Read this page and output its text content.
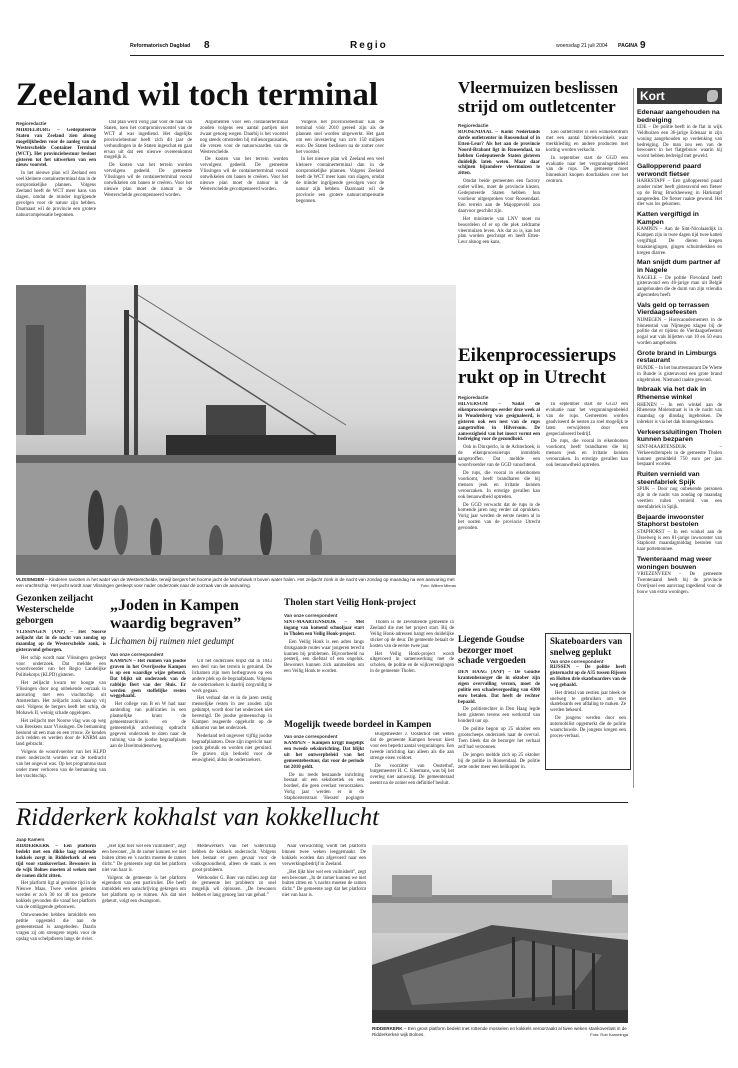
Reformatorisch Dagblad 8	Regio	woensdag 21 juli 2004 PAGINA 9
Kort
Edenaar aangehouden na bedreiging
EDE – De politie heeft in de flat in wijk Veldhuizen een 36-jarige Edenaar in zijn woning aangehouden op verdenking van bedreiging. De man zou een van de bewoners in het flatgebouw waarin hij woont hebben bedreigd met geweld.
Gallopperend paard verwondt fietser
HARKSTAPF – Een gallopperend paard zonder ruiter heeft gisteravond een fietser op de Brug Bruckheeweg in Harkstapf aangereden. De fietser raakte gewond. Het dier was los gekomen.
Katten vergiftigd in Kampen
KAMPEN – Aan de Sint-Nicolaasdijk in Kampen zijn in twee dagen tijd twee katten vergiftigd. De dieren kregen braakneigingen, gingen schuimbekken en kregen diarree.
Man snijdt dum partner af in Nagele
NAGELE – De politie Flevoland heeft gisteravond een 46-jarige man uit België aangehouden die de duim van zijn vriendin afgesneden heeft.
Vals geld op terrassen Vierdaagsefeesten
NIJMEGEN – Horecaondernemers in de binnenstad van Nijmegen klagen bij de politie dat er tijdens de Vierdaagsefeesten nogal wat vals biljetten van 10 en 50 euro worden aangeboden.
Grote brand in Limburgs restaurant
BUNDE – In het buurtrestaurant De Wiette in Bunde is gisteravond een grote brand uitgebroken. Niemand raakte gewond.
Inbraak via het dak in Rhenense winkel
RHENEN – In een winkel aan de Rhenense Molenstraat is in de nacht van maandag op dinsdag ingebroken. De inbreker is via het dak binnengekomen.
Verkeerssluitingen Tholen kunnen bezparen
SINT-MAARTENSDIJK – Verkeersdrempels in de gemeente Tholen kunnen gemiddeld 750 euro per jaar bespaard worden.
Ruiten vernield van steenfabriek Spijk
SPIJK – Door nog onbekende personen zijn in de nacht van zondag op maandag veertien ruiten vernield van een steenfabriek in Spijk.
Bejaarde inwoonster Staphorst bestolen
STAPHORST – In een winkel aan de IJsselweg is een 81-jarige inwoonster van Staphorst maandagmiddag bestolen van haar portemonnee.
Twenteraand mag weer woningen bouwen
VRIEZENVEEN – De gemeente Twenteraand heeft bij de provincie Overijssel een aanvraag ingediend voor de bouw van extra woningen.
Zeeland wil toch terminal
Regioredactie

MIDDELBURG – Gedeputeerde Staten van Zeeland zien alsnog mogelijkheden voor de aanleg van de Westerscheldе Container Terminal (WCT). Het provinciebestuur besloot gisteren tot het uitwerken van een nieuw voorstel.

In het nieuwe plan wil Zeeland een veel kleinere containerterminal dan in de oorspronkelijke plannen. Volgens Zeeland heeft de WCT meer kans van slagen, omdat de minder ingrijpende gevolgen voor de natuur zijn hebben. Daarnaast wil de provincie een grotere natuurcompensatie begonnen.

Dat plan werd vorig jaar voor de haal van Staten, toen het compromisvoorstel van de WCT al was ingediend. Het dagelijks provinciebestuur heeft zich dit jaar de verhoudingen in de Staten ingeschat en gaat ervan uit dat een nieuwe overeenkomst mogelijk is.

De kosten van het terrein worden vervolgens gedeeld. De gemeente Vlissingen wil de containerterminal vooral ontwikkelen om banen te creëren. Voor het nieuwe plan moet de natuur in de Westerschelde gecompenseerd worden.

Argumenten voor een containerterminal zouden volgens een aantal partijen niet zwaar genoeg wegen. Daarbij is het voorstel nog steeds omstreden bij milieuorganisaties, die vrezen voor de natuurwaarden van de Westerschelde.

De kosten van het terrein worden vervolgens gedeeld. De gemeente Vlissingen wil de containerterminal vooral ontwikkelen om banen te creëren. Voor het nieuwe plan moet de natuur in de Westerschelde gecompenseerd worden.

Volgens het provinciebestuur kan de terminal vóór 2010 gereed zijn als de plannen snel worden uitgewerkt. Het gaat om een investering van zo'n 150 miljoen euro. De Staten beslissen na de zomer over het voorstel.

In het nieuwe plan wil Zeeland een veel kleinere containerterminal dan in de oorspronkelijke plannen. Volgens Zeeland heeft de WCT meer kans van slagen, omdat de minder ingrijpende gevolgen voor de natuur zijn hebben. Daarnaast wil de provincie een grotere natuurcompensatie begonnen.

Vleermuizen beslissen strijd om outletcenter
Regioredactie

ROOSENDAAL – Komt Nederlands derde outletcenter in Roosendaal of in Etten-Leur? Als het aan de provincie Noord-Brabant ligt in Roosendaal, zo hebben Gedeputeerde Staten gisteren duidelijk laten weten. Maar daar schijnen bijzondere vleermuizen te zitten.

Omdat beide gemeenten een factory outlet willen, moet de provincie kiezen. Gedeputeerde Staten hebben hun voorkeur uitgesproken voor Roosendaal. Een terrein aan de Majoppeveld zou daarvoor geschikt zijn.

Het ministerie van LNV moet nu beoordelen of er op die plek zeldzame vleermuizen leven. Als dat zo is, kan het plan worden geschrapt en heeft Etten-Leur alsnog een kans.

Een outletcenter is een winkelcentrum met een aantal fabriekswinkels waar merkkleding en andere producten met korting worden verkocht.

In september start de GGD een evaluatie naar het vergunningenbeleid van de rups. De gemeente moet binnenkort knopen doorhakken over het centrum.

VLISSINGEN – Kinderen ravotten in het water van de Westerschelde, terwijl bergers het hoorne jacht de Mohohawk II boven water halen. Het zeiljacht zonk in de nacht van zondag op maandag na een aanvaring met een vrachtschip. Het jacht wordt naar Vlissingen gesleept voor nader onderzoek naar de oorzaak van de aanvaring.	Foto: Willem Mieras
Eikenprocessierups rukt op in Utrecht
Regioredactie

HILVERSUM – Nadat de eikenprocessierups eerder deze week al in Woudenberg was gesignaleerd, is gisteren ook een nest van de rups aangetroffen in Hilversum. De aanwezigheid van het insect vormt een bedreiging voor de gezondheid.

Ook in Dinxperlo, in de Achterhoek, is de eikenprocessierups inmiddels aangetroffen. Dat meldde een woordvoerder van de GGD vanochtend.

De rups, die vooral in eikenbomen voorkomt, heeft brandharen die bij mensen jeuk en irritatie kunnen veroorzaken. In ernstige gevallen kan ook benauwdheid optreden.

De GGD verwacht dat de rups in de komende jaren nog verder zal oprukken. Vorig jaar werden de eerste nesten al in het oosten van de provincie Utrecht gevonden.

In september start de GGD een evaluatie naar het vergunningenbeleid van de rups. Gemeenten worden geadviseerd de nesten zo snel mogelijk te laten verwijderen door een gespecialiseerd bedrijf.

De rups, die vooral in eikenbomen voorkomt, heeft brandharen die bij mensen jeuk en irritatie kunnen veroorzaken. In ernstige gevallen kan ook benauwdheid optreden.

Gezonken zeiljacht Westerschelde geborgen

VLISSINGEN (ANP) – Het Noorse zeiljacht dat in de nacht van zondag op maandag op de Westerschelde zonk, is gisteravond geborgen.

Het schip wordt naar Vlissingen gesleept voor onderzoek. Dat meldde een woordvoerder van het Regio Landelijke Politiekorps (KLPD) gisteren.

Het zeiljacht kwam ter hoogte van Vlissingen door nog onbekende oorzaak in aanvaring met een vrachtschip uit Amsterdam. Het zeiljacht zonk daarop vrij snel. Volgens de bergers heeft het schip, de Mohawk II, weinig schade opgelopen.

Het zeiljacht met Noorse vlag was op weg van Breskens naar Vlissingen. De bemanning bestond uit een man en een vrouw. Ze konden zich redden en werden door de KNRM aan land gebracht.

Volgens de woordvoerder van het KLPD moet onderzocht worden wat de toedracht van het ongeval was. Op het programma staat onder meer verhoren van de bemanning van het vrachtschip.

„Joden in Kampen waardig begraven”
Lichamen bij ruimen niet gedumpt
Van onze correspondent

KAMPEN – Het ruimen van joodse graven in het Overijsselse Kampen is op een waardige wijze gebeurd. Dat blijkt uit onderzoek van de rabbijn Bert van der Sluis. Er werden geen stoffelijke resten weggehaald.

Het college van B en W had naar aanleiding van publicaties in een plaatselijke krant de gemeentearchivaris en de gemeentelijk archeoloog opdracht gegeven onderzoek te doen naar de ruiming van de joodse begraafplaats aan de IJsselmuidenerweg.

Uit het onderzoek blijkt dat in 1843 een deel van het terrein is geruimd. De lichamen zijn toen herbegraven op een andere plek op de begraafplaats. Volgens de onderzoekers is daarbij zorgvuldig te werk gegaan.

Het verhaal dat er in de jaren zestig menselijke resten in zee zouden zijn gedumpt, wordt door het onderzoek niet bevestigd. De joodse gemeenschap in Kampen reageerde opgelucht op de uitkomst van het onderzoek.

Nederland telt ongeveer vijftig joodse begraafplaatsen. Deze zijn ingericht naar joods gebruik en worden niet geruimd. De graven zijn bedoeld voor de eeuwigheid, aldus de onderzoekers.

Tholen start Veilig Honk-project
Van onze correspondent

SINT-MAARTENSDIJK – Met ingang van komend schooljaar start in Tholen een Veilig Honk-project.

Een Veilig Honk is een adres langs drukgaande routes waar jongeren terecht kunnen bij problemen. Bijvoorbeeld na pesterij, een diefstal of een ongeluk. Bewoners kunnen zich aanmelden om een Veilig Honk te worden.

Tholen is de zeventiende gemeente in Zeeland die met het project start. Bij de Veilig Honk-adressen hangt een duidelijke sticker op de deur. De gemeente betaalt de kosten van de eerste twee jaar.

Het Veilig Honk-project wordt uitgevoerd in samenwerking met de scholen, de politie en de wijkverenigingen in de gemeente Tholen.

Mogelijk tweede bordeel in Kampen
Van onze correspondent

KAMPEN – Kampen krijgt mogelijk een tweede seksinrichting. Dat blijkt uit het ontwerpbeleid van het gemeentebestuur, dat voor de periode tot 2010 geldt.

De nu reeds bestaande inrichting bestaat uit een seksboetiek en een bordeel, die geen overlast veroorzaken. Vorig jaar werden er in de Staphorsterstraat 'Hessen' pogingen

Burgemeester J. Oosterhof liet weten dat de gemeente Kampen bewust kiest voor een beperkt aantal vergunningen. Een tweede inrichting kan alleen als die aan strenge eisen voldoet.

De voorzitter van Oosterhof, burgemeester H. C. Kleemans, was bij het overleg niet aanwezig. De gemeenteraad neemt na de zomer een definitief besluit.

Liegende Goudse bezorger moet schade vergoeden

DEN HAAG (ANP) – De Goudse krantenbezorger die in oktober zijn eigen overvalling verzon, moet de politie een schadevergoeding van 4300 euro betalen. Dat heeft de rechter bepaald.

De politierechter in Den Haag legde hem gisteren tevens een werkstraf van honderd uur op.

De politie begon op 25 oktober een grootscheeps onderzoek naar de overval. Toen bleek dat de bezorger het verhaal zelf had verzonnen.

De jongen meldde zich op 25 oktober bij de politie in Roosendaal. De politie zette onder meer een helikopter in.

Skateboarders van snelweg geplukt
Van onze correspondent

RIJSSEN – De politie heeft gisternacht op de A35 tussen Rijssen en Holten drie skateboarders van de weg gehaald.

Het drietal van zestien jaar bleek de snelweg te gebruiken om met skateboards een afdaling te maken. Ze werden bekeurd.

De jongens werden door een automobilist opgemerkt die de politie waarschuwde. De jongens kregen een proces-verbaal.

Ridderkerk kokhalst van kokkellucht
Jaap Kamers

RIDDERKERK – Een platform bedekt met een dikke laag rottende kokkels zorgt in Ridderkerk al een tijd voor stankoverlast. Bewoners in de wijk Bolnes moeten al weken met de ramen dicht zitten.

Het platform ligt al geruime tijd in de Nieuwe Maas. Twee weken geleden werden er zo'n 30 tot 40 ton gestorte kokkels gevonden die vanaf het platform van de omliggende gebouwen.

Omwonenden hebben inmiddels een petitie opgesteld die aan de gemeenteraad is aangeboden. Daarin vragen zij om strengere regels voor de opslag van schelpdieren langs de rivier.

„Het lijkt hier wel een vuilnisbelt”, zegt een bewoner. „In de zomer kunnen we niet buiten zitten en 's nachts moeten de ramen dicht.” De gemeente zegt dat het platform niet van haar is.

Volgens de gemeente is het platform eigendom van een particulier. Die heeft inmiddels een aanschrijving gekregen om het platform op te ruimen. Als dat niet gebeurt, volgt een dwangsom.

Medewerkers van het waterschap hebben de kokkels onderzocht. Volgens hen bestaat er geen gevaar voor de volksgezondheid, alleen de stank is een groot probleem.

Wethouder G. Boer van milieu zegt dat de gemeente het probleem zo snel mogelijk wil oplossen. „De bewoners hebben er lang genoeg last van gehad.”

Naar verwachting wordt het platform binnen twee weken leeggemaakt. De kokkels worden dan afgevoerd naar een verwerkingsbedrijf in Zeeland.

„Het lijkt hier wel een vuilnisbelt”, zegt een bewoner. „In de zomer kunnen we niet buiten zitten en 's nachts moeten de ramen dicht.” De gemeente zegt dat het platform niet van haar is.

RIDDERKERK – Een groot platform bedekt met rottende mosselen en kokkels veroorzaakt al twee weken stankoverlast in de Ridderkerkse wijk Bolnes.	Foto: Rob Kamminga
